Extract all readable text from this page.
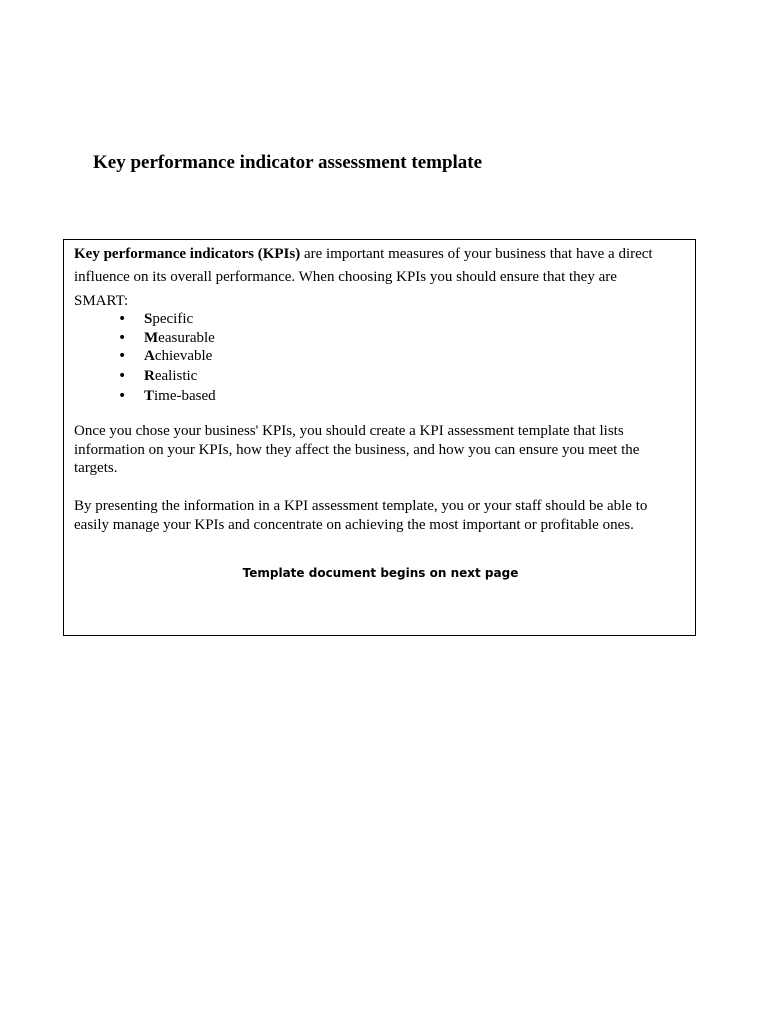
Key performance indicator assessment template

Key performance indicators (KPIs) are important measures of your business that have a direct influence on its overall performance. When choosing KPIs you should ensure that they are

SMART:

• Specific
• Measurable
• Achievable
• Realistic
• Time-based

Once you chose your business' KPIs, you should create a KPI assessment template that lists information on your KPIs, how they affect the business, and how you can ensure you meet the targets.

By presenting the information in a KPI assessment template, you or your staff should be able to easily manage your KPIs and concentrate on achieving the most important or profitable ones.

Template document begins on next page
